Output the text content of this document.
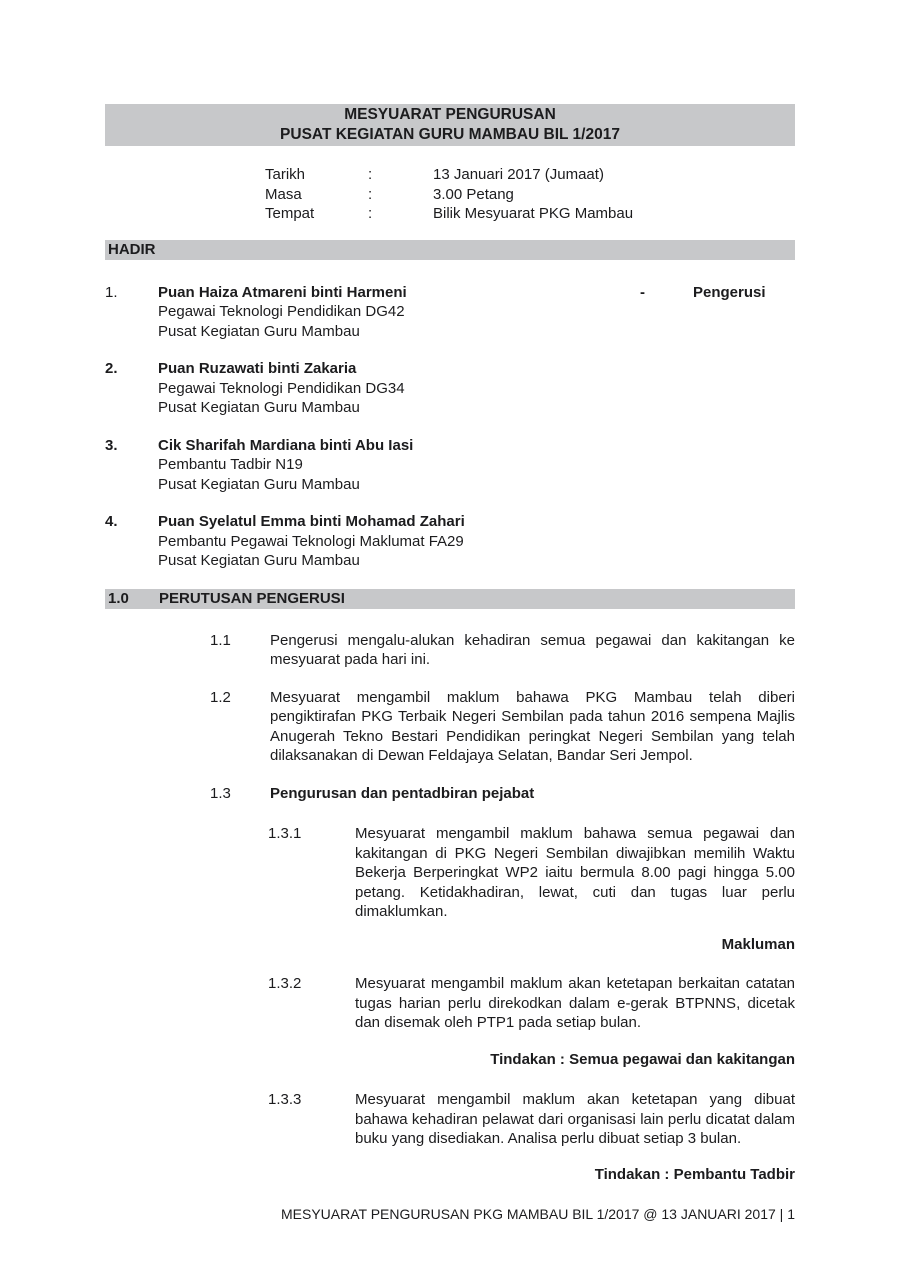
MESYUARAT PENGURUSAN
PUSAT KEGIATAN GURU MAMBAU BIL 1/2017
Tarikh	:	13 Januari 2017 (Jumaat)
Masa	:	3.00 Petang
Tempat	:	Bilik Mesyuarat PKG Mambau
HADIR
1.	Puan Haiza Atmareni binti Harmeni	-	Pengerusi
Pegawai Teknologi Pendidikan DG42
Pusat Kegiatan Guru Mambau
2.	Puan Ruzawati binti Zakaria
Pegawai Teknologi Pendidikan DG34
Pusat Kegiatan Guru Mambau
3.	Cik Sharifah Mardiana binti Abu Iasi
Pembantu Tadbir N19
Pusat Kegiatan Guru Mambau
4.	Puan Syelatul Emma binti Mohamad Zahari
Pembantu Pegawai Teknologi Maklumat FA29
Pusat Kegiatan Guru Mambau
1.0	PERUTUSAN PENGERUSI
1.1	Pengerusi mengalu-alukan kehadiran semua pegawai dan kakitangan ke mesyuarat pada hari ini.
1.2	Mesyuarat mengambil maklum bahawa PKG Mambau telah diberi pengiktirafan PKG Terbaik Negeri Sembilan pada tahun 2016 sempena Majlis Anugerah Tekno Bestari Pendidikan peringkat Negeri Sembilan yang telah dilaksanakan di Dewan Feldajaya Selatan, Bandar Seri Jempol.
1.3	Pengurusan dan pentadbiran pejabat
1.3.1	Mesyuarat mengambil maklum bahawa semua pegawai dan kakitangan di PKG Negeri Sembilan diwajibkan memilih Waktu Bekerja Berperingkat WP2 iaitu bermula 8.00 pagi hingga 5.00 petang. Ketidakhadiran, lewat, cuti dan tugas luar perlu dimaklumkan.
Makluman
1.3.2	Mesyuarat mengambil maklum akan ketetapan berkaitan catatan tugas harian perlu direkodkan dalam e-gerak BTPNNS, dicetak dan disemak oleh PTP1 pada setiap bulan.
Tindakan : Semua pegawai dan kakitangan
1.3.3	Mesyuarat mengambil maklum akan ketetapan yang dibuat bahawa kehadiran pelawat dari organisasi lain perlu dicatat dalam buku yang disediakan. Analisa perlu dibuat setiap 3 bulan.
Tindakan : Pembantu Tadbir
MESYUARAT PENGURUSAN PKG MAMBAU BIL 1/2017 @ 13 JANUARI 2017 | 1
